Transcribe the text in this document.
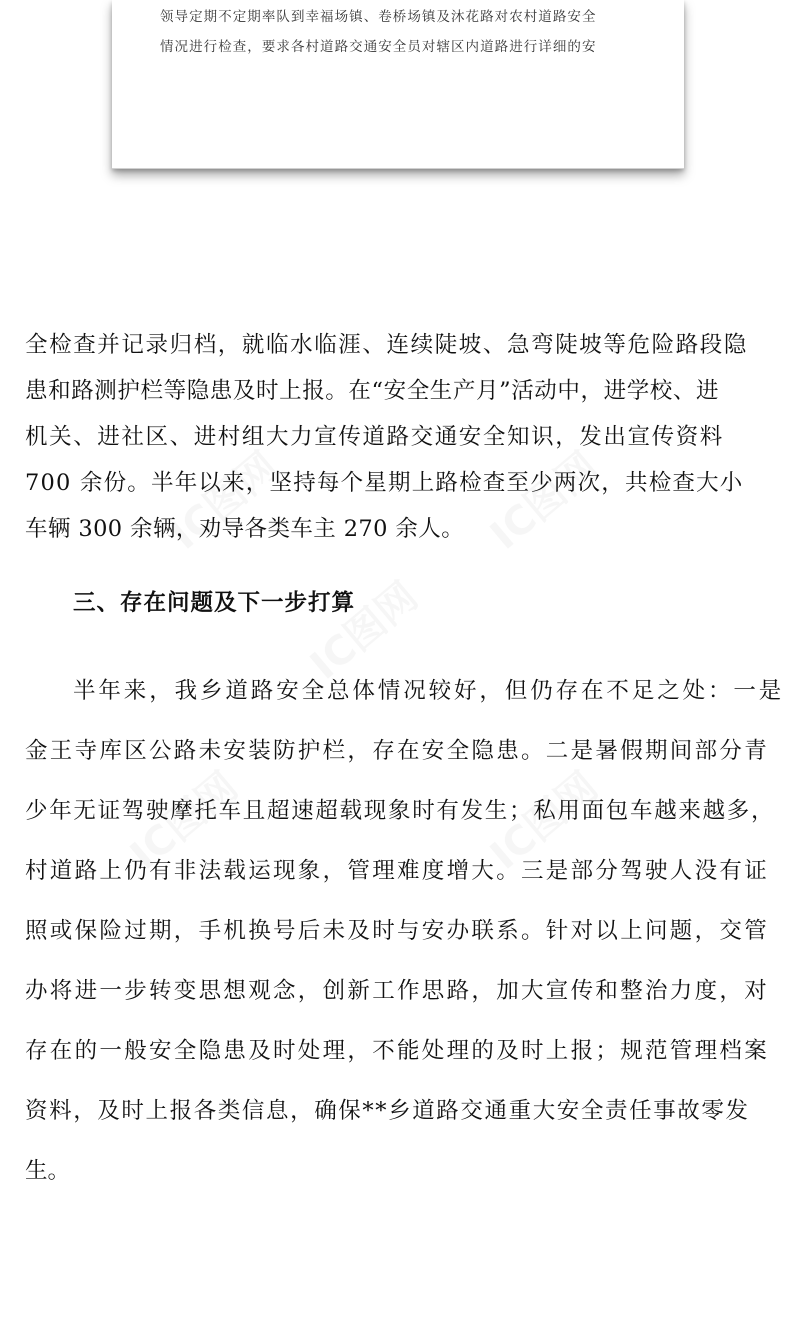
领导定期不定期率队到幸福场镇、卷桥场镇及沐花路对农村道路安全
情况进行检查，要求各村道路交通安全员对辖区内道路进行详细的安
全检查并记录归档，就临水临涯、连续陡坡、急弯陡坡等危险路段隐
患和路测护栏等隐患及时上报。在“安全生产月”活动中，进学校、进
机关、进社区、进村组大力宣传道路交通安全知识，发出宣传资料
700 余份。半年以来，坚持每个星期上路检查至少两次，共检查大小
车辆 300 余辆，劝导各类车主 270 余人。
三、存在问题及下一步打算
半年来，我乡道路安全总体情况较好，但仍存在不足之处：一是
金王寺库区公路未安装防护栏，存在安全隐患。二是暑假期间部分青
少年无证驾驶摩托车且超速超载现象时有发生；私用面包车越来越多，
村道路上仍有非法载运现象，管理难度增大。三是部分驾驶人没有证
照或保险过期，手机换号后未及时与安办联系。针对以上问题，交管
办将进一步转变思想观念，创新工作思路，加大宣传和整治力度，对
存在的一般安全隐患及时处理，不能处理的及时上报；规范管理档案
资料，及时上报各类信息，确保**乡道路交通重大安全责任事故零发
生。
